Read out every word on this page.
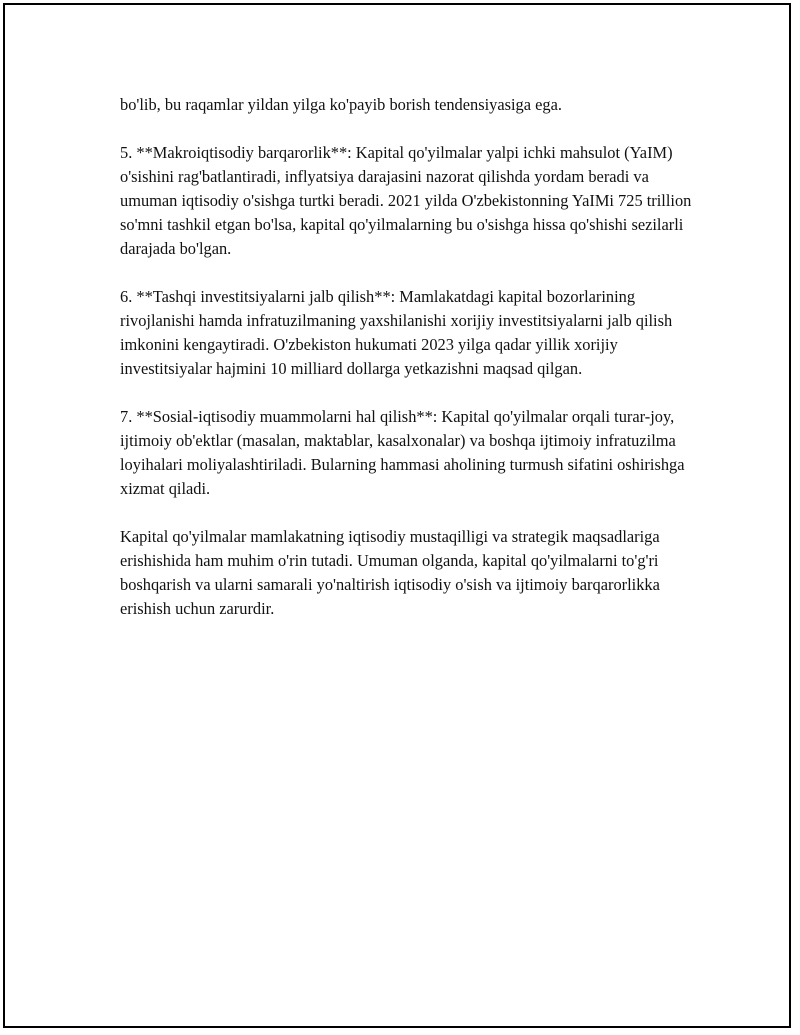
bo'lib, bu raqamlar yildan yilga ko'payib borish tendensiyasiga ega.

5. **Makroiqtisodiy barqarorlik**: Kapital qo'yilmalar yalpi ichki mahsulot (YaIM) o'sishini rag'batlantiradi, inflyatsiya darajasini nazorat qilishda yordam beradi va umuman iqtisodiy o'sishga turtki beradi. 2021 yilda O'zbekistonning YaIMi 725 trillion so'mni tashkil etgan bo'lsa, kapital qo'yilmalarning bu o'sishga hissa qo'shishi sezilarli darajada bo'lgan.

6. **Tashqi investitsiyalarni jalb qilish**: Mamlakatdagi kapital bozorlarining rivojlanishi hamda infratuzilmaning yaxshilanishi xorijiy investitsiyalarni jalb qilish imkonini kengaytiradi. O'zbekiston hukumati 2023 yilga qadar yillik xorijiy investitsiyalar hajmini 10 milliard dollarga yetkazishni maqsad qilgan.

7. **Sosial-iqtisodiy muammolarni hal qilish**: Kapital qo'yilmalar orqali turar-joy, ijtimoiy ob'ektlar (masalan, maktablar, kasalxonalar) va boshqa ijtimoiy infratuzilma loyihalari moliyalashtiriladi. Bularning hammasi aholining turmush sifatini oshirishga xizmat qiladi.

Kapital qo'yilmalar mamlakatning iqtisodiy mustaqilligi va strategik maqsadlariga erishishida ham muhim o'rin tutadi. Umuman olganda, kapital qo'yilmalarni to'g'ri boshqarish va ularni samarali yo'naltirish iqtisodiy o'sish va ijtimoiy barqarorlikka erishish uchun zarurdir.
